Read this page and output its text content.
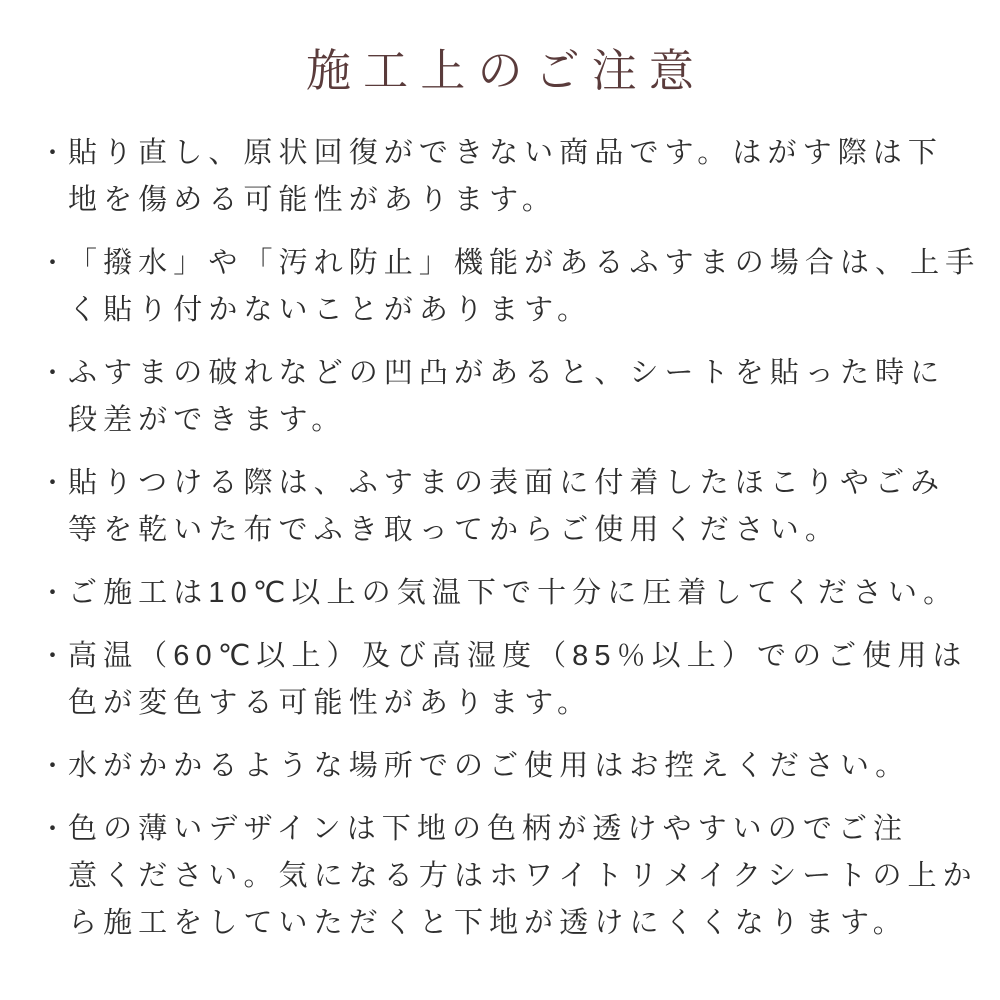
施工上のご注意
・ 貼り直し、原状回復ができない商品です。はがす際は下
地を傷める可能性があります。
・ 「撥水」や「汚れ防止」機能があるふすまの場合は、上手
く貼り付かないことがあります。
・ ふすまの破れなどの凹凸があると、シートを貼った時に
段差ができます。
・ 貼りつける際は、ふすまの表面に付着したほこりやごみ
等を乾いた布でふき取ってからご使用ください。
・ ご施工は10℃以上の気温下で十分に圧着してください。
・ 高温（60℃以上）及び高湿度（85％以上）でのご使用は
色が変色する可能性があります。
・ 水がかかるような場所でのご使用はお控えください。
・ 色の薄いデザインは下地の色柄が透けやすいのでご注
意ください。気になる方はホワイトリメイクシートの上か
ら施工をしていただくと下地が透けにくくなります。
